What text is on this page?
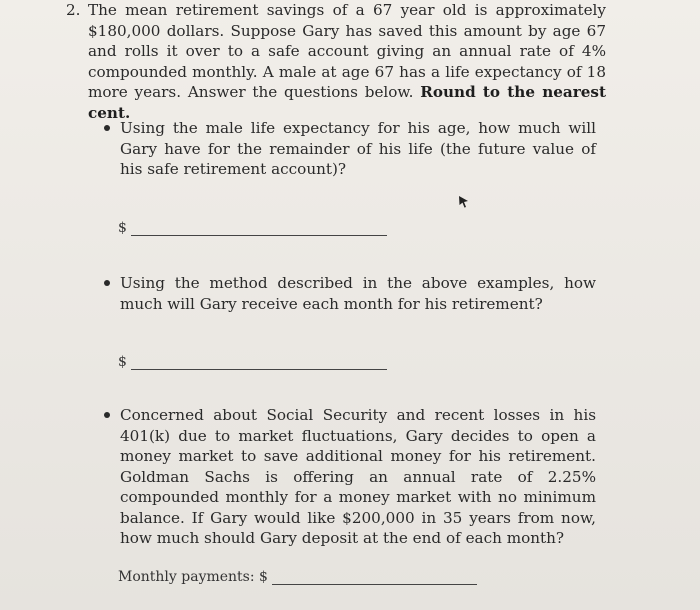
2. The mean retirement savings of a 67 year old is approximately $180,000 dollars. Suppose Gary has saved this amount by age 67 and rolls it over to a safe account giving an annual rate of 4% compounded monthly. A male at age 67 has a life expectancy of 18 more years. Answer the questions below. Round to the nearest cent.
Using the male life expectancy for his age, how much will Gary have for the remainder of his life (the future value of his safe retirement account)?
$
Using the method described in the above examples, how much will Gary receive each month for his retirement?
$
Concerned about Social Security and recent losses in his 401(k) due to market fluctuations, Gary decides to open a money market to save additional money for his retirement. Goldman Sachs is offering an annual rate of 2.25% compounded monthly for a money market with no minimum balance. If Gary would like $200,000 in 35 years from now, how much should Gary deposit at the end of each month?
Monthly payments: $
